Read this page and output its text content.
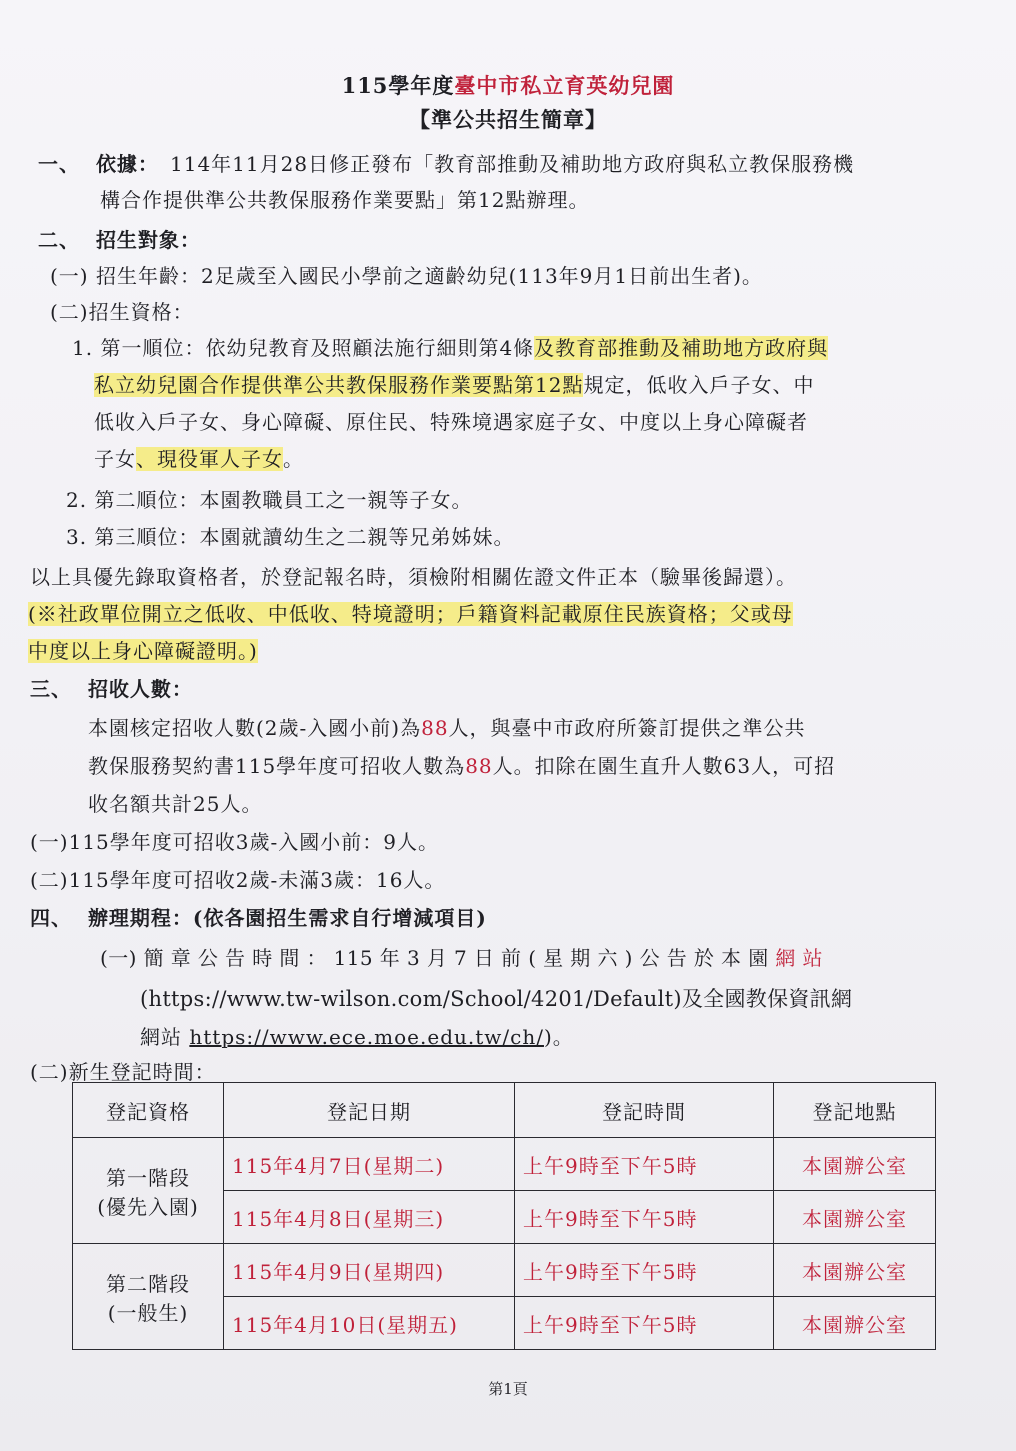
115學年度臺中市私立育英幼兒園
【準公共招生簡章】
一、 依據： 114年11月28日修正發布「教育部推動及補助地方政府與私立教保服務機
構合作提供準公共教保服務作業要點」第12點辦理。
二、 招生對象：
(一) 招生年齡：2足歲至入國民小學前之適齡幼兒(113年9月1日前出生者)。
(二)招生資格：
1. 第一順位：依幼兒教育及照顧法施行細則第4條及教育部推動及補助地方政府與
私立幼兒園合作提供準公共教保服務作業要點第12點規定，低收入戶子女、中
低收入戶子女、身心障礙、原住民、特殊境遇家庭子女、中度以上身心障礙者
子女、現役軍人子女。
2. 第二順位：本園教職員工之一親等子女。
3. 第三順位：本園就讀幼生之二親等兄弟姊妹。
以上具優先錄取資格者，於登記報名時，須檢附相關佐證文件正本（驗畢後歸還）。
(※社政單位開立之低收、中低收、特境證明；戶籍資料記載原住民族資格；父或母
中度以上身心障礙證明。)
三、 招收人數：
本園核定招收人數(2歲-入國小前)為88人，與臺中市政府所簽訂提供之準公共
教保服務契約書115學年度可招收人數為88人。扣除在園生直升人數63人，可招
收名額共計25人。
(一)115學年度可招收3歲-入國小前：9人。
(二)115學年度可招收2歲-未滿3歲：16人。
四、 辦理期程：(依各園招生需求自行增減項目)
(一) 簡 章 公 告 時 間 ： 115 年 3 月 7 日 前 ( 星 期 六 ) 公 告 於 本 園 網 站
(https://www.tw-wilson.com/School/4201/Default)及全國教保資訊網
網站 https://www.ece.moe.edu.tw/ch/)。
(二)新生登記時間：
登記資格	登記日期	登記時間	登記地點
第一階段
(優先入園)	115年4月7日(星期二)	上午9時至下午5時	本園辦公室
	115年4月8日(星期三)	上午9時至下午5時	本園辦公室
第二階段
(一般生)	115年4月9日(星期四)	上午9時至下午5時	本園辦公室
	115年4月10日(星期五)	上午9時至下午5時	本園辦公室
第1頁
